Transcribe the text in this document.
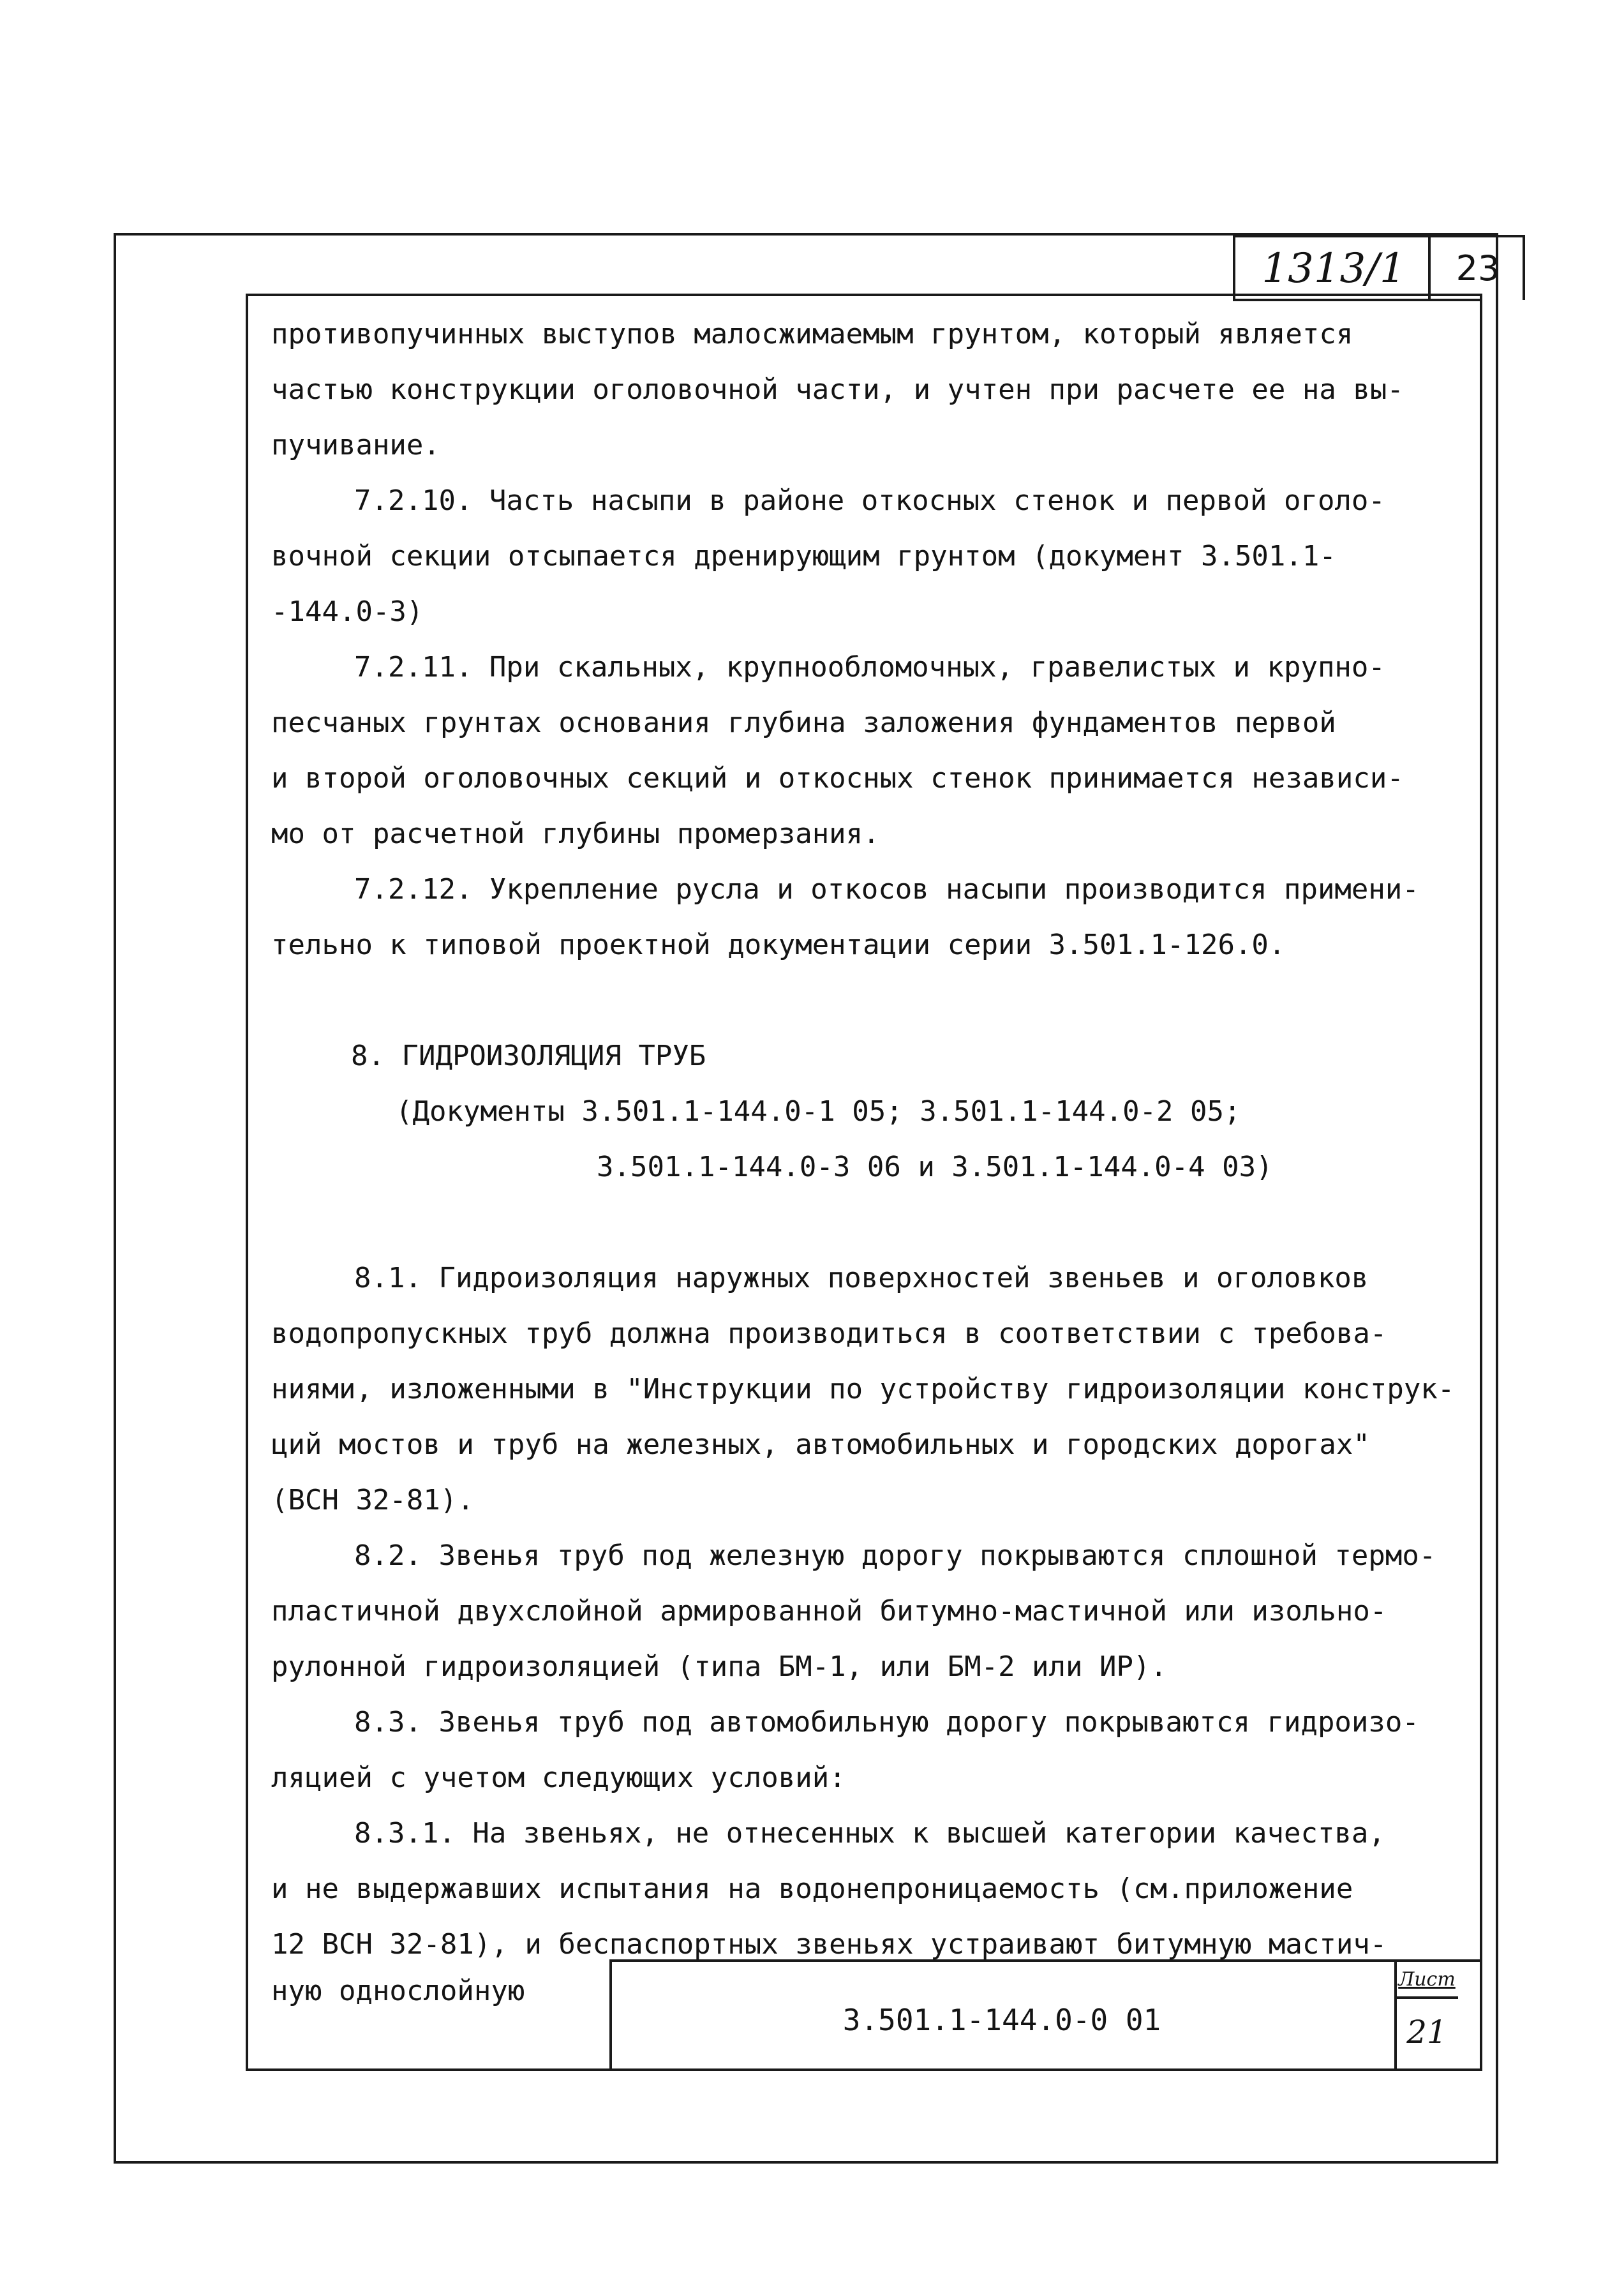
1313/1	23

противопучинных выступов малосжимаемым грунтом, который является

частью конструкции оголовочной части, и учтен при расчете ее на вы-

пучивание.

7.2.10. Часть насыпи в районе откосных стенок и первой оголо-

вочной секции отсыпается дренирующим грунтом (документ 3.501.1-

-144.0-3)

7.2.11. При скальных, крупнообломочных, гравелистых и крупно-

песчаных грунтах основания глубина заложения фундаментов первой

и второй оголовочных секций и откосных стенок принимается независи-

мо от расчетной глубины промерзания.

7.2.12. Укрепление русла и откосов насыпи производится примени-

тельно к типовой проектной документации серии 3.501.1-126.0.

8. ГИДРОИЗОЛЯЦИЯ ТРУБ

(Документы 3.501.1-144.0-1 05; 3.501.1-144.0-2 05;

3.501.1-144.0-3 06 и 3.501.1-144.0-4 03)

8.1. Гидроизоляция наружных поверхностей звеньев и оголовков

водопропускных труб должна производиться в соответствии с требова-

ниями, изложенными в "Инструкции по устройству гидроизоляции конструк-

ций мостов и труб на железных, автомобильных и городских дорогах"

(ВСН 32-81).

8.2. Звенья труб под железную дорогу покрываются сплошной термо-

пластичной двухслойной армированной битумно-мастичной или изольно-

рулонной гидроизоляцией (типа БМ-1, или БМ-2 или ИР).

8.3. Звенья труб под автомобильную дорогу покрываются гидроизо-

ляцией с учетом следующих условий:

8.3.1. На звеньях, не отнесенных к высшей категории качества,

и не выдержавших испытания на водонепроницаемость (см.приложение

12 ВСН 32-81), и беспаспортных звеньях устраивают битумную мастич-

ную однослойную
3.501.1-144.0-0 01
Лист
21
